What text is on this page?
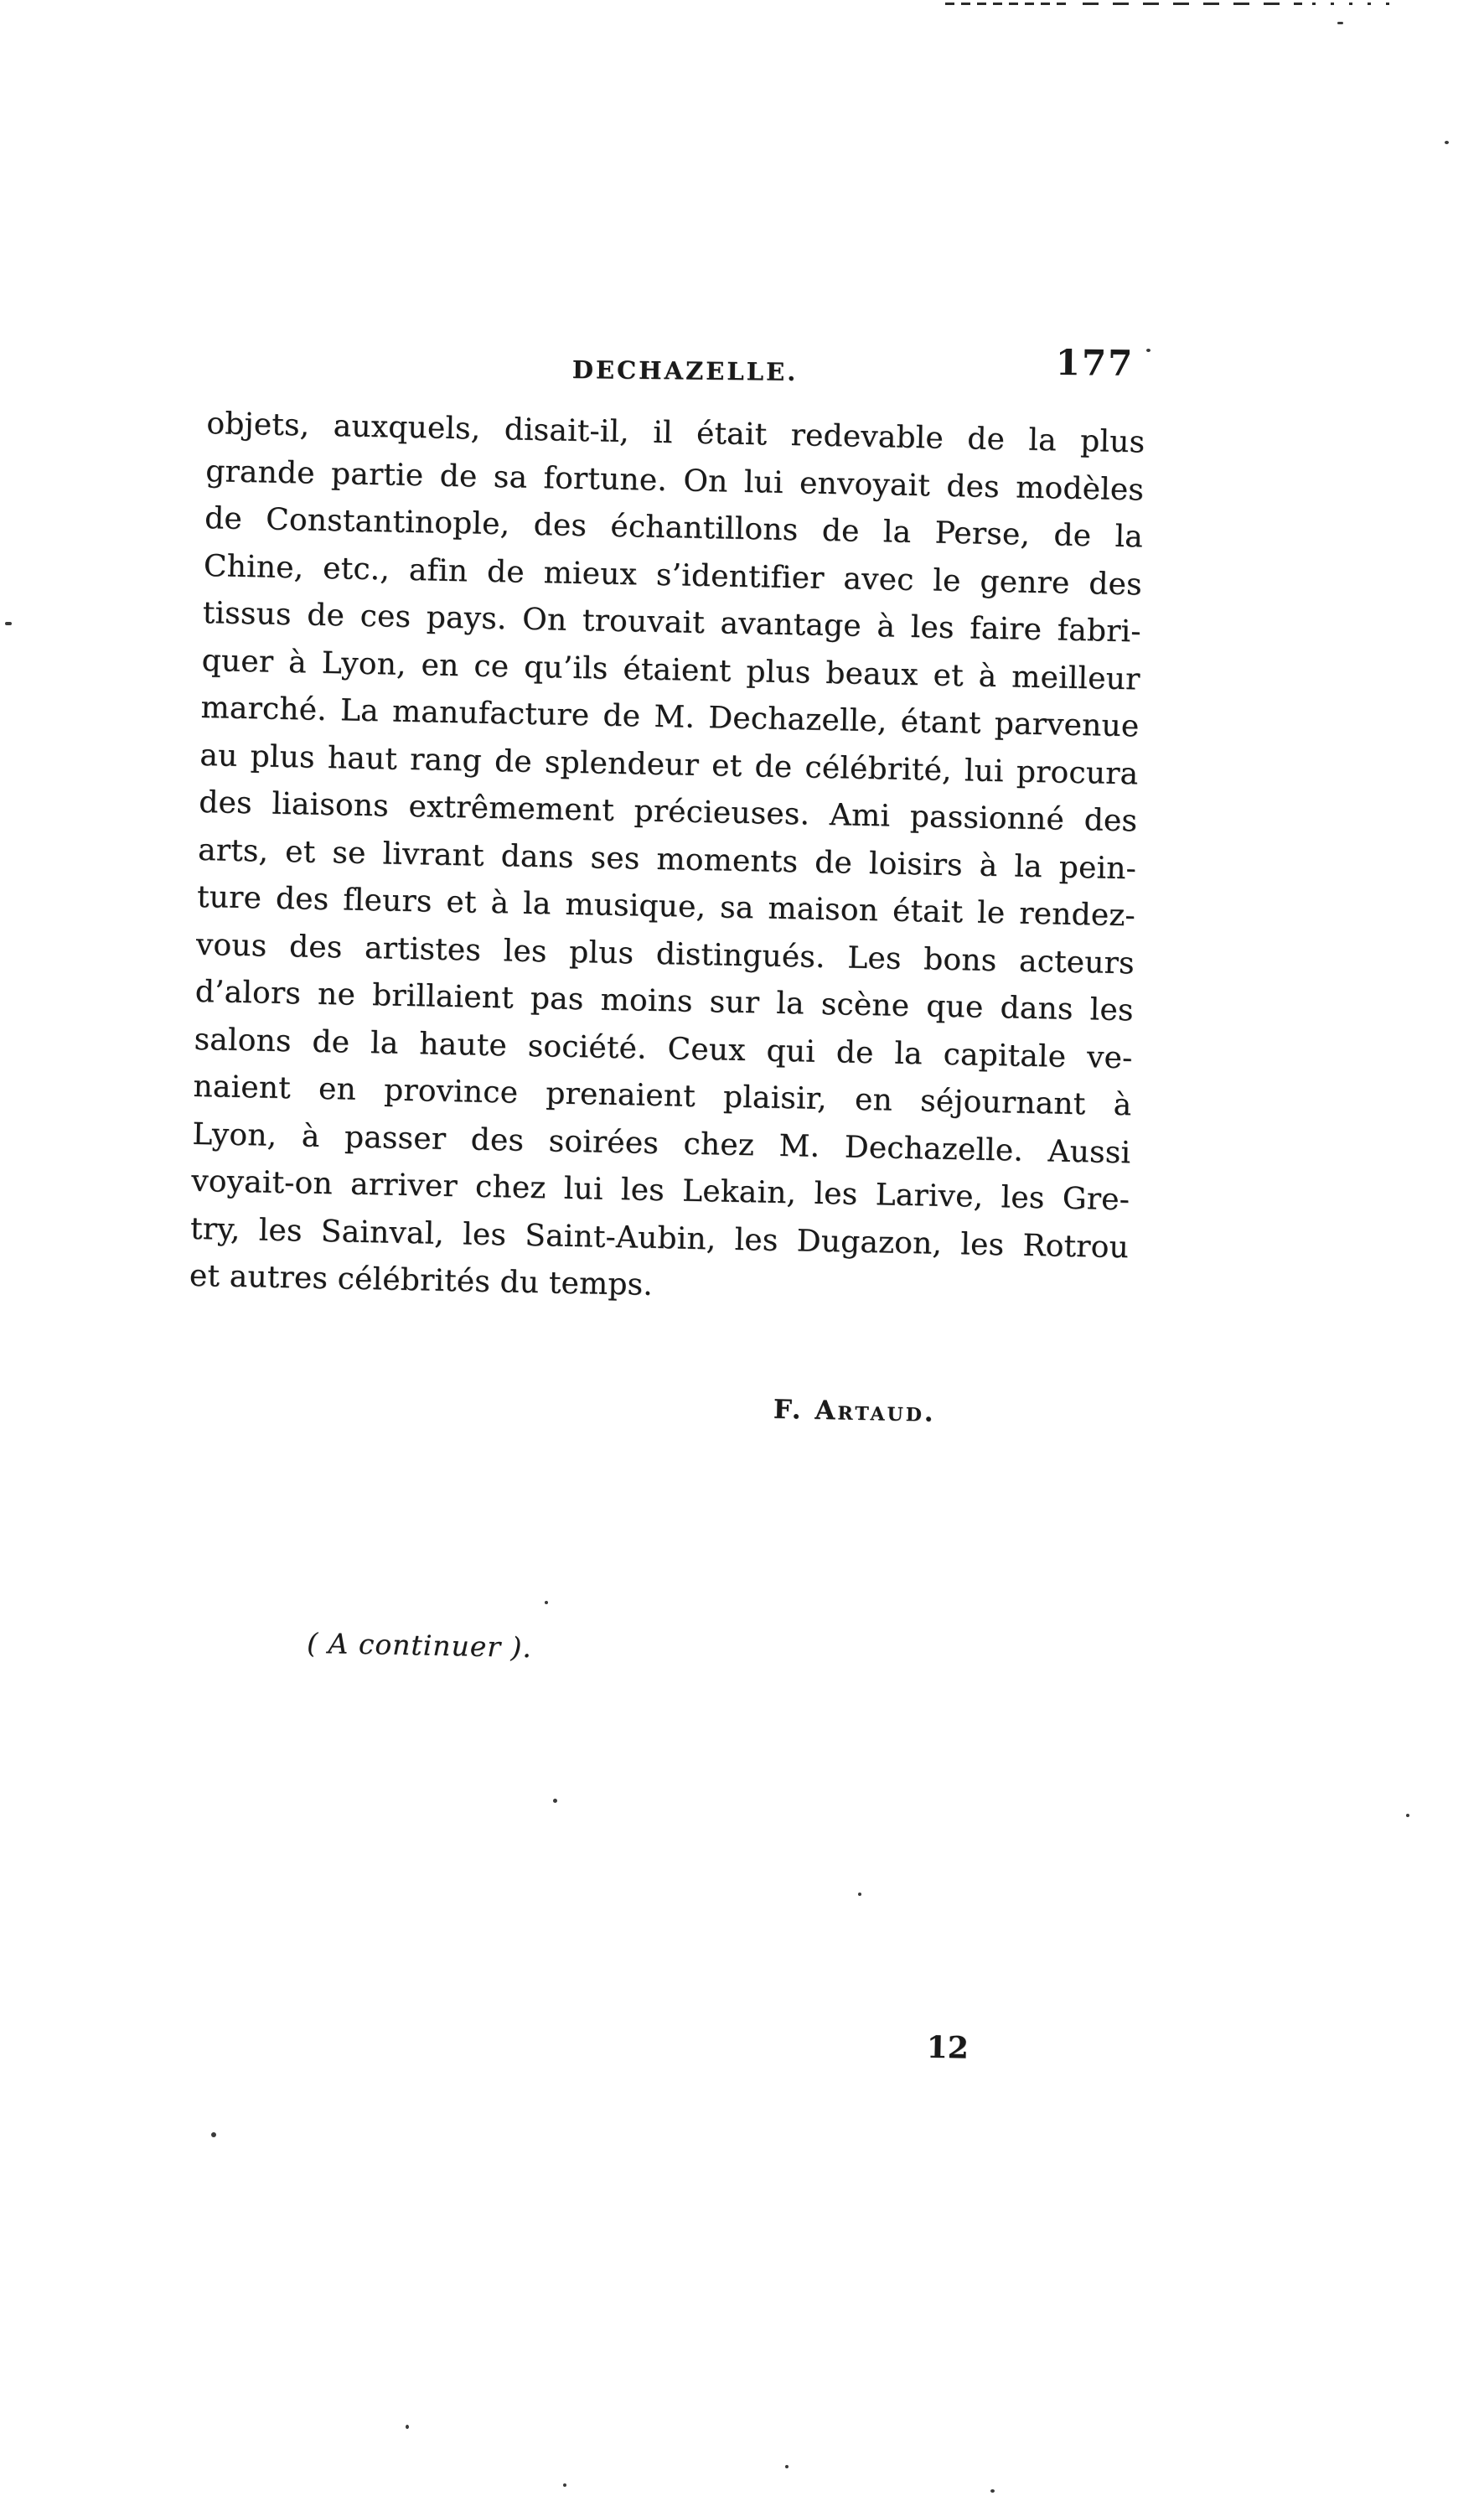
DECHAZELLE.	177
objets, auxquels, disait-il, il était redevable de la plus
grande partie de sa fortune. On lui envoyait des modèles
de Constantinople, des échantillons de la Perse, de la
Chine, etc., afin de mieux s’identifier avec le genre des
tissus de ces pays. On trouvait avantage à les faire fabri-
quer à Lyon, en ce qu’ils étaient plus beaux et à meilleur
marché. La manufacture de M. Dechazelle, étant parvenue
au plus haut rang de splendeur et de célébrité, lui procura
des liaisons extrêmement précieuses. Ami passionné des
arts, et se livrant dans ses moments de loisirs à la pein-
ture des fleurs et à la musique, sa maison était le rendez-
vous des artistes les plus distingués. Les bons acteurs
d’alors ne brillaient pas moins sur la scène que dans les
salons de la haute société. Ceux qui de la capitale ve-
naient en province prenaient plaisir, en séjournant à
Lyon, à passer des soirées chez M. Dechazelle. Aussi
voyait-on arriver chez lui les Lekain, les Larive, les Gre-
try, les Sainval, les Saint-Aubin, les Dugazon, les Rotrou
et autres célébrités du temps.
F. Artaud.
( A continuer ).
12
